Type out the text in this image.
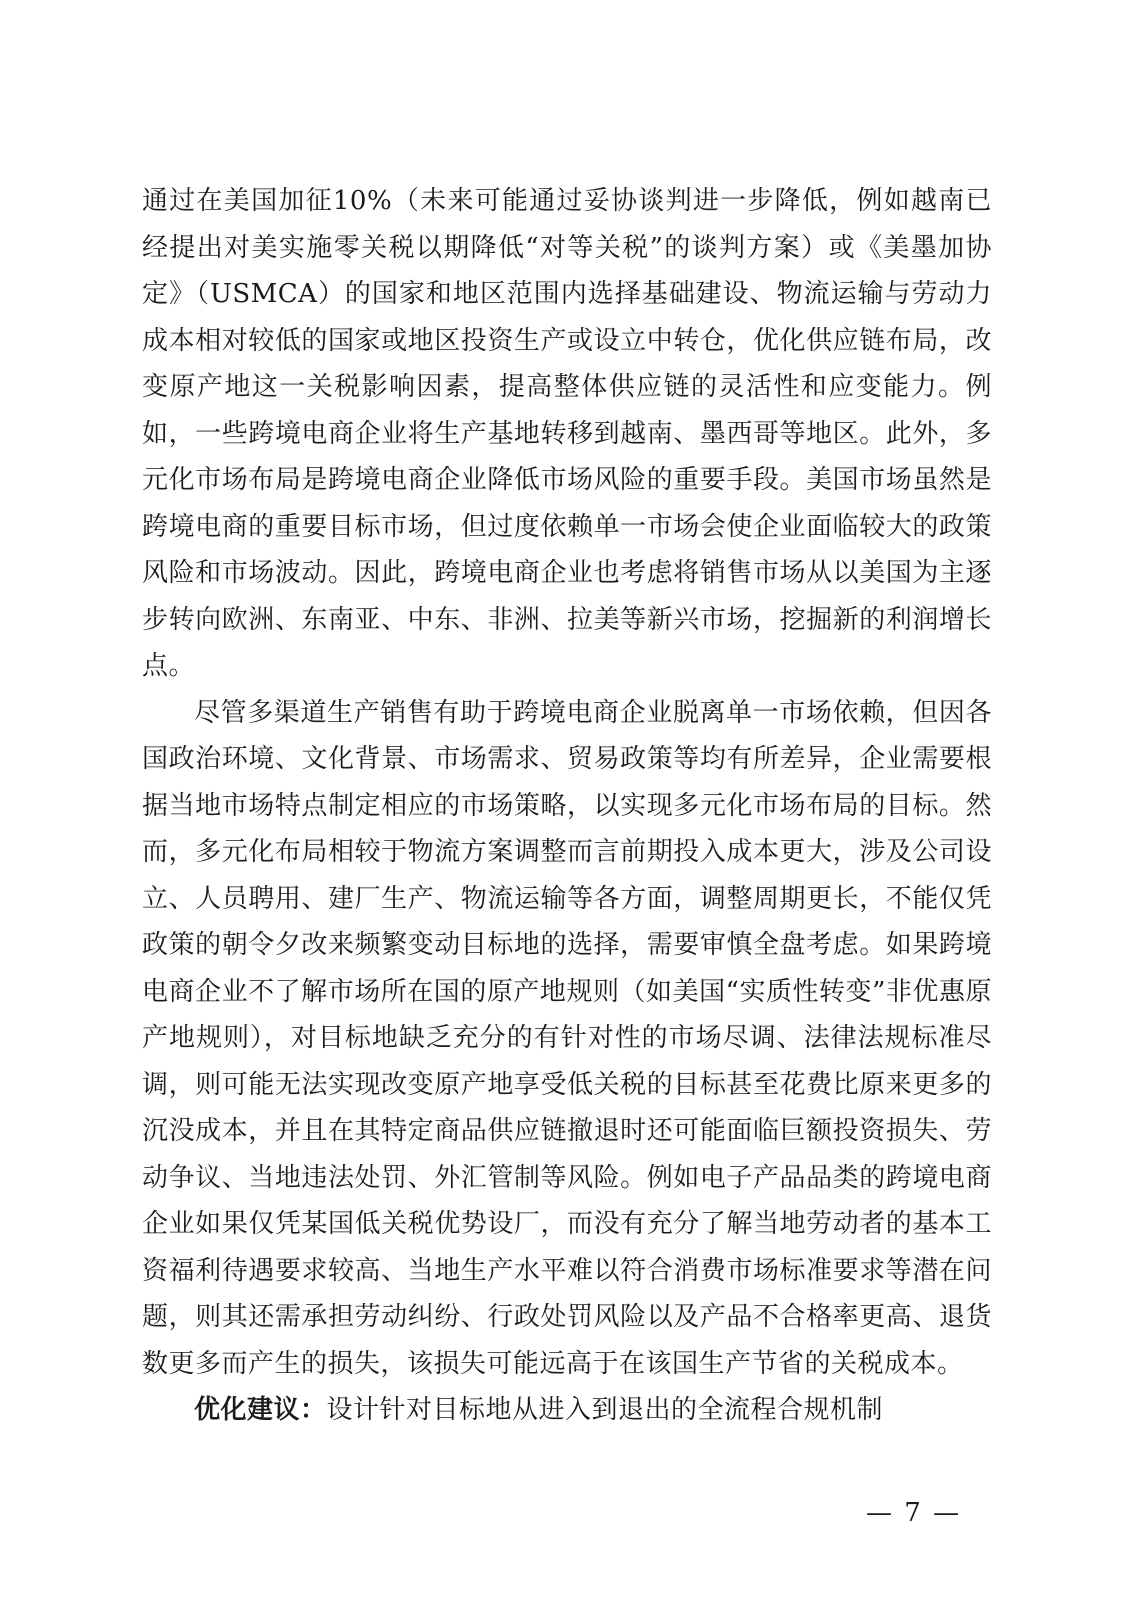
通过在美国加征10%（未来可能通过妥协谈判进一步降低，例如越南已经提出对美实施零关税以期降低“对等关税”的谈判方案）或《美墨加协定》（USMCA）的国家和地区范围内选择基础建设、物流运输与劳动力成本相对较低的国家或地区投资生产或设立中转仓，优化供应链布局，改变原产地这一关税影响因素，提高整体供应链的灵活性和应变能力。例如，一些跨境电商企业将生产基地转移到越南、墨西哥等地区。此外，多元化市场布局是跨境电商企业降低市场风险的重要手段。美国市场虽然是跨境电商的重要目标市场，但过度依赖单一市场会使企业面临较大的政策风险和市场波动。因此，跨境电商企业也考虑将销售市场从以美国为主逐步转向欧洲、东南亚、中东、非洲、拉美等新兴市场，挖掘新的利润增长点。

尽管多渠道生产销售有助于跨境电商企业脱离单一市场依赖，但因各国政治环境、文化背景、市场需求、贸易政策等均有所差异，企业需要根据当地市场特点制定相应的市场策略，以实现多元化市场布局的目标。然而，多元化布局相较于物流方案调整而言前期投入成本更大，涉及公司设立、人员聘用、建厂生产、物流运输等各方面，调整周期更长，不能仅凭政策的朝令夕改来频繁变动目标地的选择，需要审慎全盘考虑。如果跨境电商企业不了解市场所在国的原产地规则（如美国“实质性转变”非优惠原产地规则），对目标地缺乏充分的有针对性的市场尽调、法律法规标准尽调，则可能无法实现改变原产地享受低关税的目标甚至花费比原来更多的沉没成本，并且在其特定商品供应链撤退时还可能面临巨额投资损失、劳动争议、当地违法处罚、外汇管制等风险。例如电子产品品类的跨境电商企业如果仅凭某国低关税优势设厂，而没有充分了解当地劳动者的基本工资福利待遇要求较高、当地生产水平难以符合消费市场标准要求等潜在问题，则其还需承担劳动纠纷、行政处罚风险以及产品不合格率更高、退货数更多而产生的损失，该损失可能远高于在该国生产节省的关税成本。

优化建议：设计针对目标地从进入到退出的全流程合规机制

— 7 —
